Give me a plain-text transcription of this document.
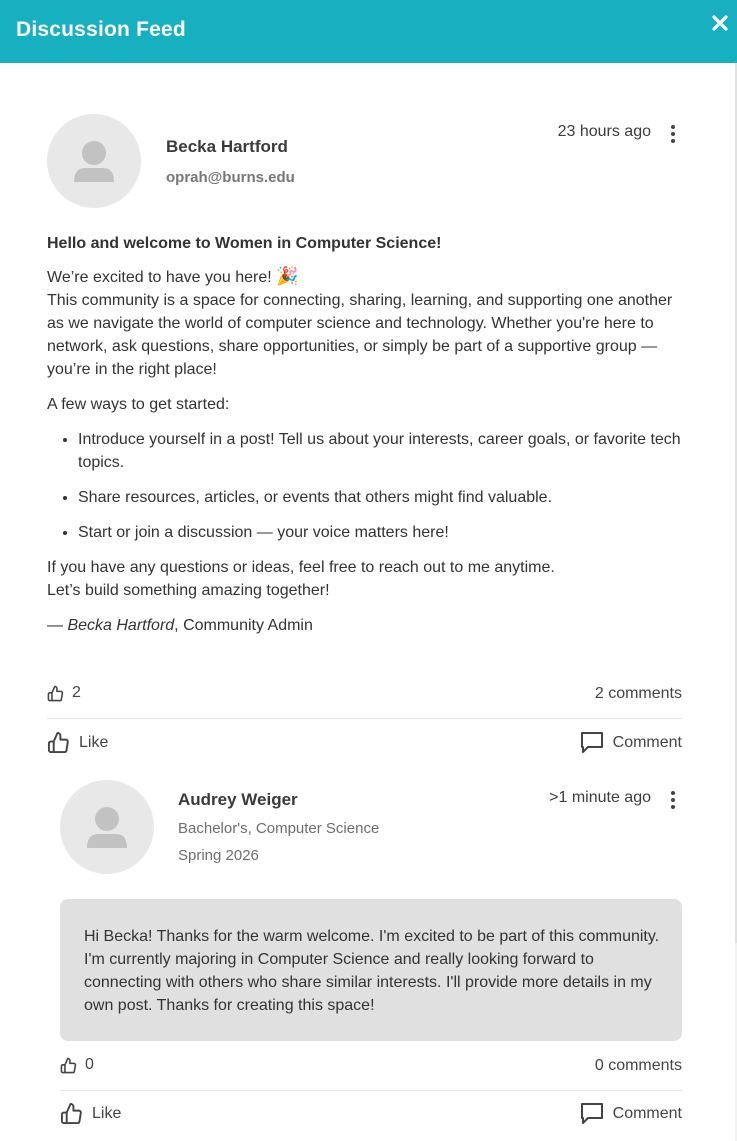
Discussion Feed
Becka Hartford
oprah@burns.edu
23 hours ago

Hello and welcome to Women in Computer Science!

We’re excited to have you here! 🎉
This community is a space for connecting, sharing, learning, and supporting one another as we navigate the world of computer science and technology. Whether you're here to network, ask questions, share opportunities, or simply be part of a supportive group — you’re in the right place!

A few ways to get started:

• Introduce yourself in a post! Tell us about your interests, career goals, or favorite tech topics.
• Share resources, articles, or events that others might find valuable.
• Start or join a discussion — your voice matters here!

If you have any questions or ideas, feel free to reach out to me anytime.
Let’s build something amazing together!

— Becka Hartford, Community Admin

2	2 comments
Like	Comment
Audrey Weiger
Bachelor's, Computer Science
Spring 2026
>1 minute ago
Hi Becka! Thanks for the warm welcome. I'm excited to be part of this community. I'm currently majoring in Computer Science and really looking forward to connecting with others who share similar interests. I'll provide more details in my own post. Thanks for creating this space!
0	0 comments
Like	Comment
